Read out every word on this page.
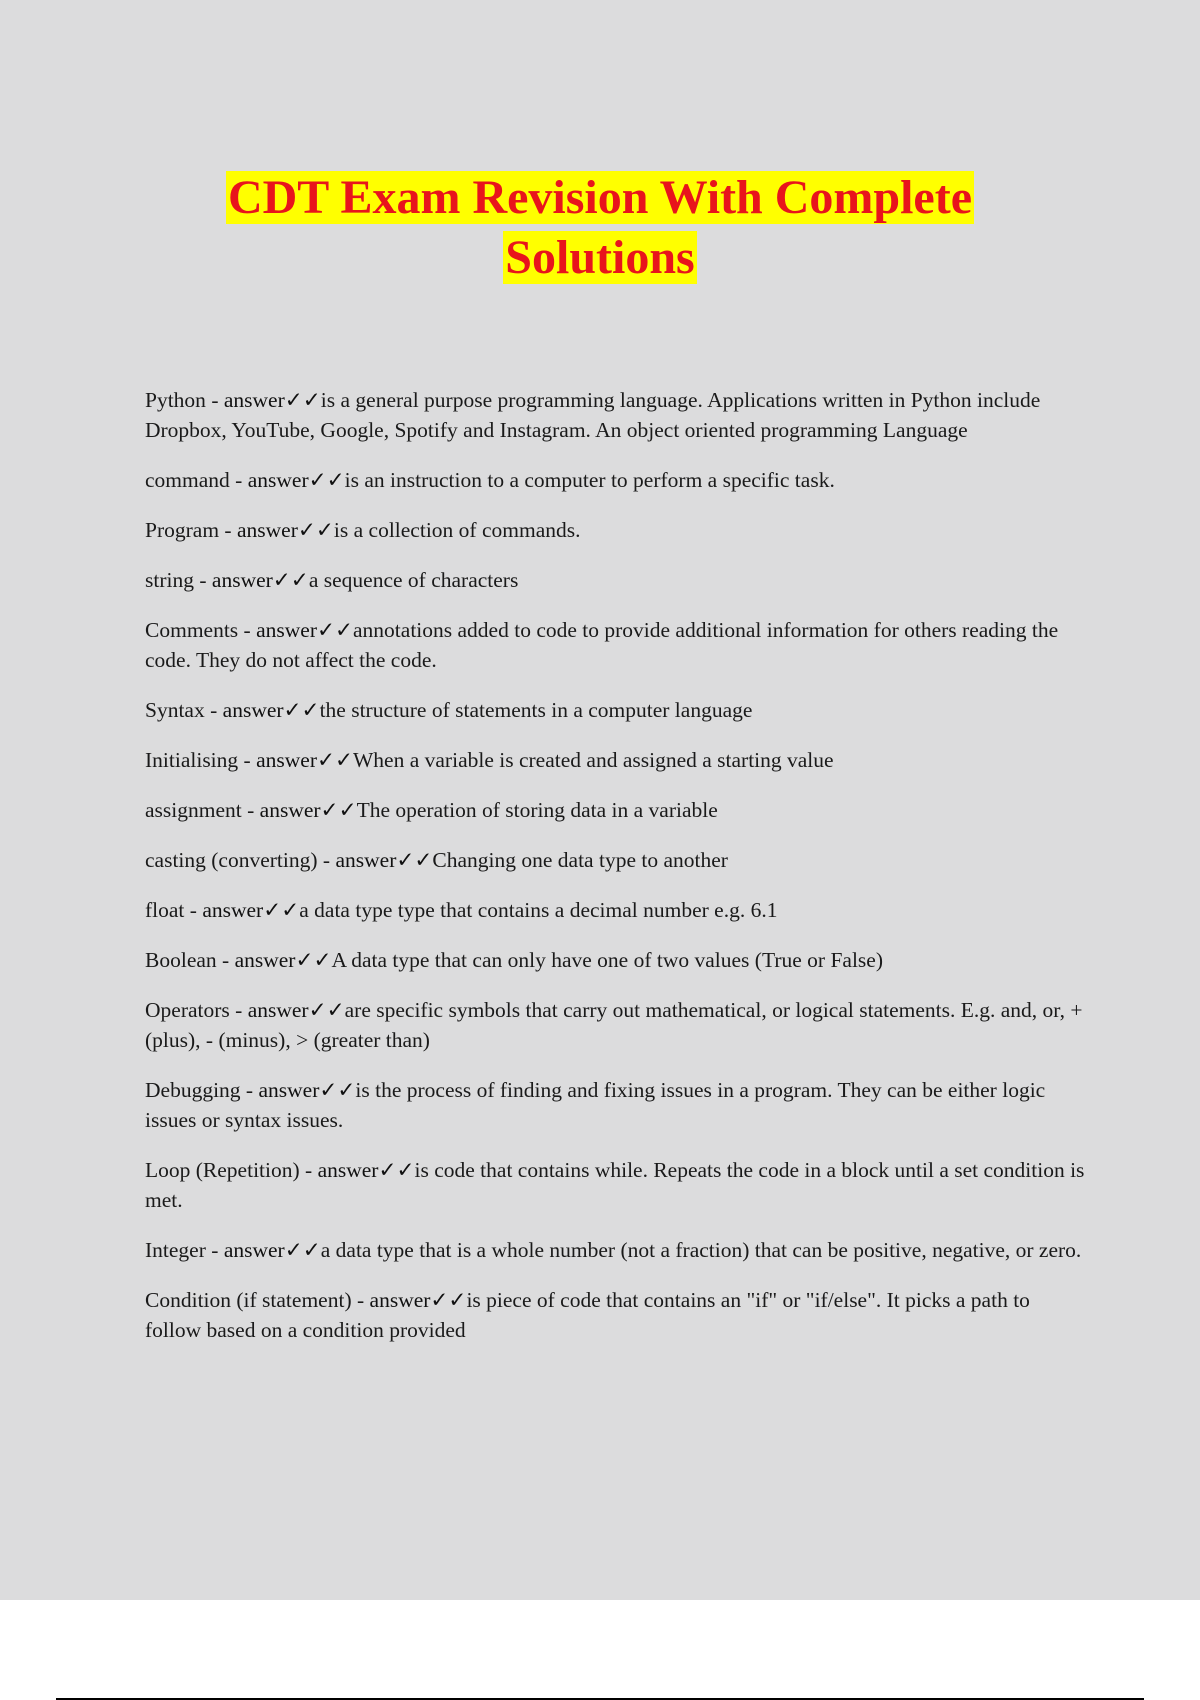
CDT Exam Revision With Complete
Solutions
Python - answer✓✓is a general purpose programming language. Applications written in Python include Dropbox, YouTube, Google, Spotify and Instagram. An object oriented programming Language
command - answer✓✓is an instruction to a computer to perform a specific task.
Program - answer✓✓is a collection of commands.
string - answer✓✓a sequence of characters
Comments - answer✓✓annotations added to code to provide additional information for others reading the code. They do not affect the code.
Syntax - answer✓✓the structure of statements in a computer language
Initialising - answer✓✓When a variable is created and assigned a starting value
assignment - answer✓✓The operation of storing data in a variable
casting (converting) - answer✓✓Changing one data type to another
float - answer✓✓a data type type that contains a decimal number e.g. 6.1
Boolean - answer✓✓A data type that can only have one of two values (True or False)
Operators - answer✓✓are specific symbols that carry out mathematical, or logical statements. E.g. and, or, + (plus), - (minus), > (greater than)
Debugging - answer✓✓is the process of finding and fixing issues in a program. They can be either logic issues or syntax issues.
Loop (Repetition) - answer✓✓is code that contains while. Repeats the code in a block until a set condition is met.
Integer - answer✓✓a data type that is a whole number (not a fraction) that can be positive, negative, or zero.
Condition (if statement) - answer✓✓is piece of code that contains an "if" or "if/else". It picks a path to follow based on a condition provided
